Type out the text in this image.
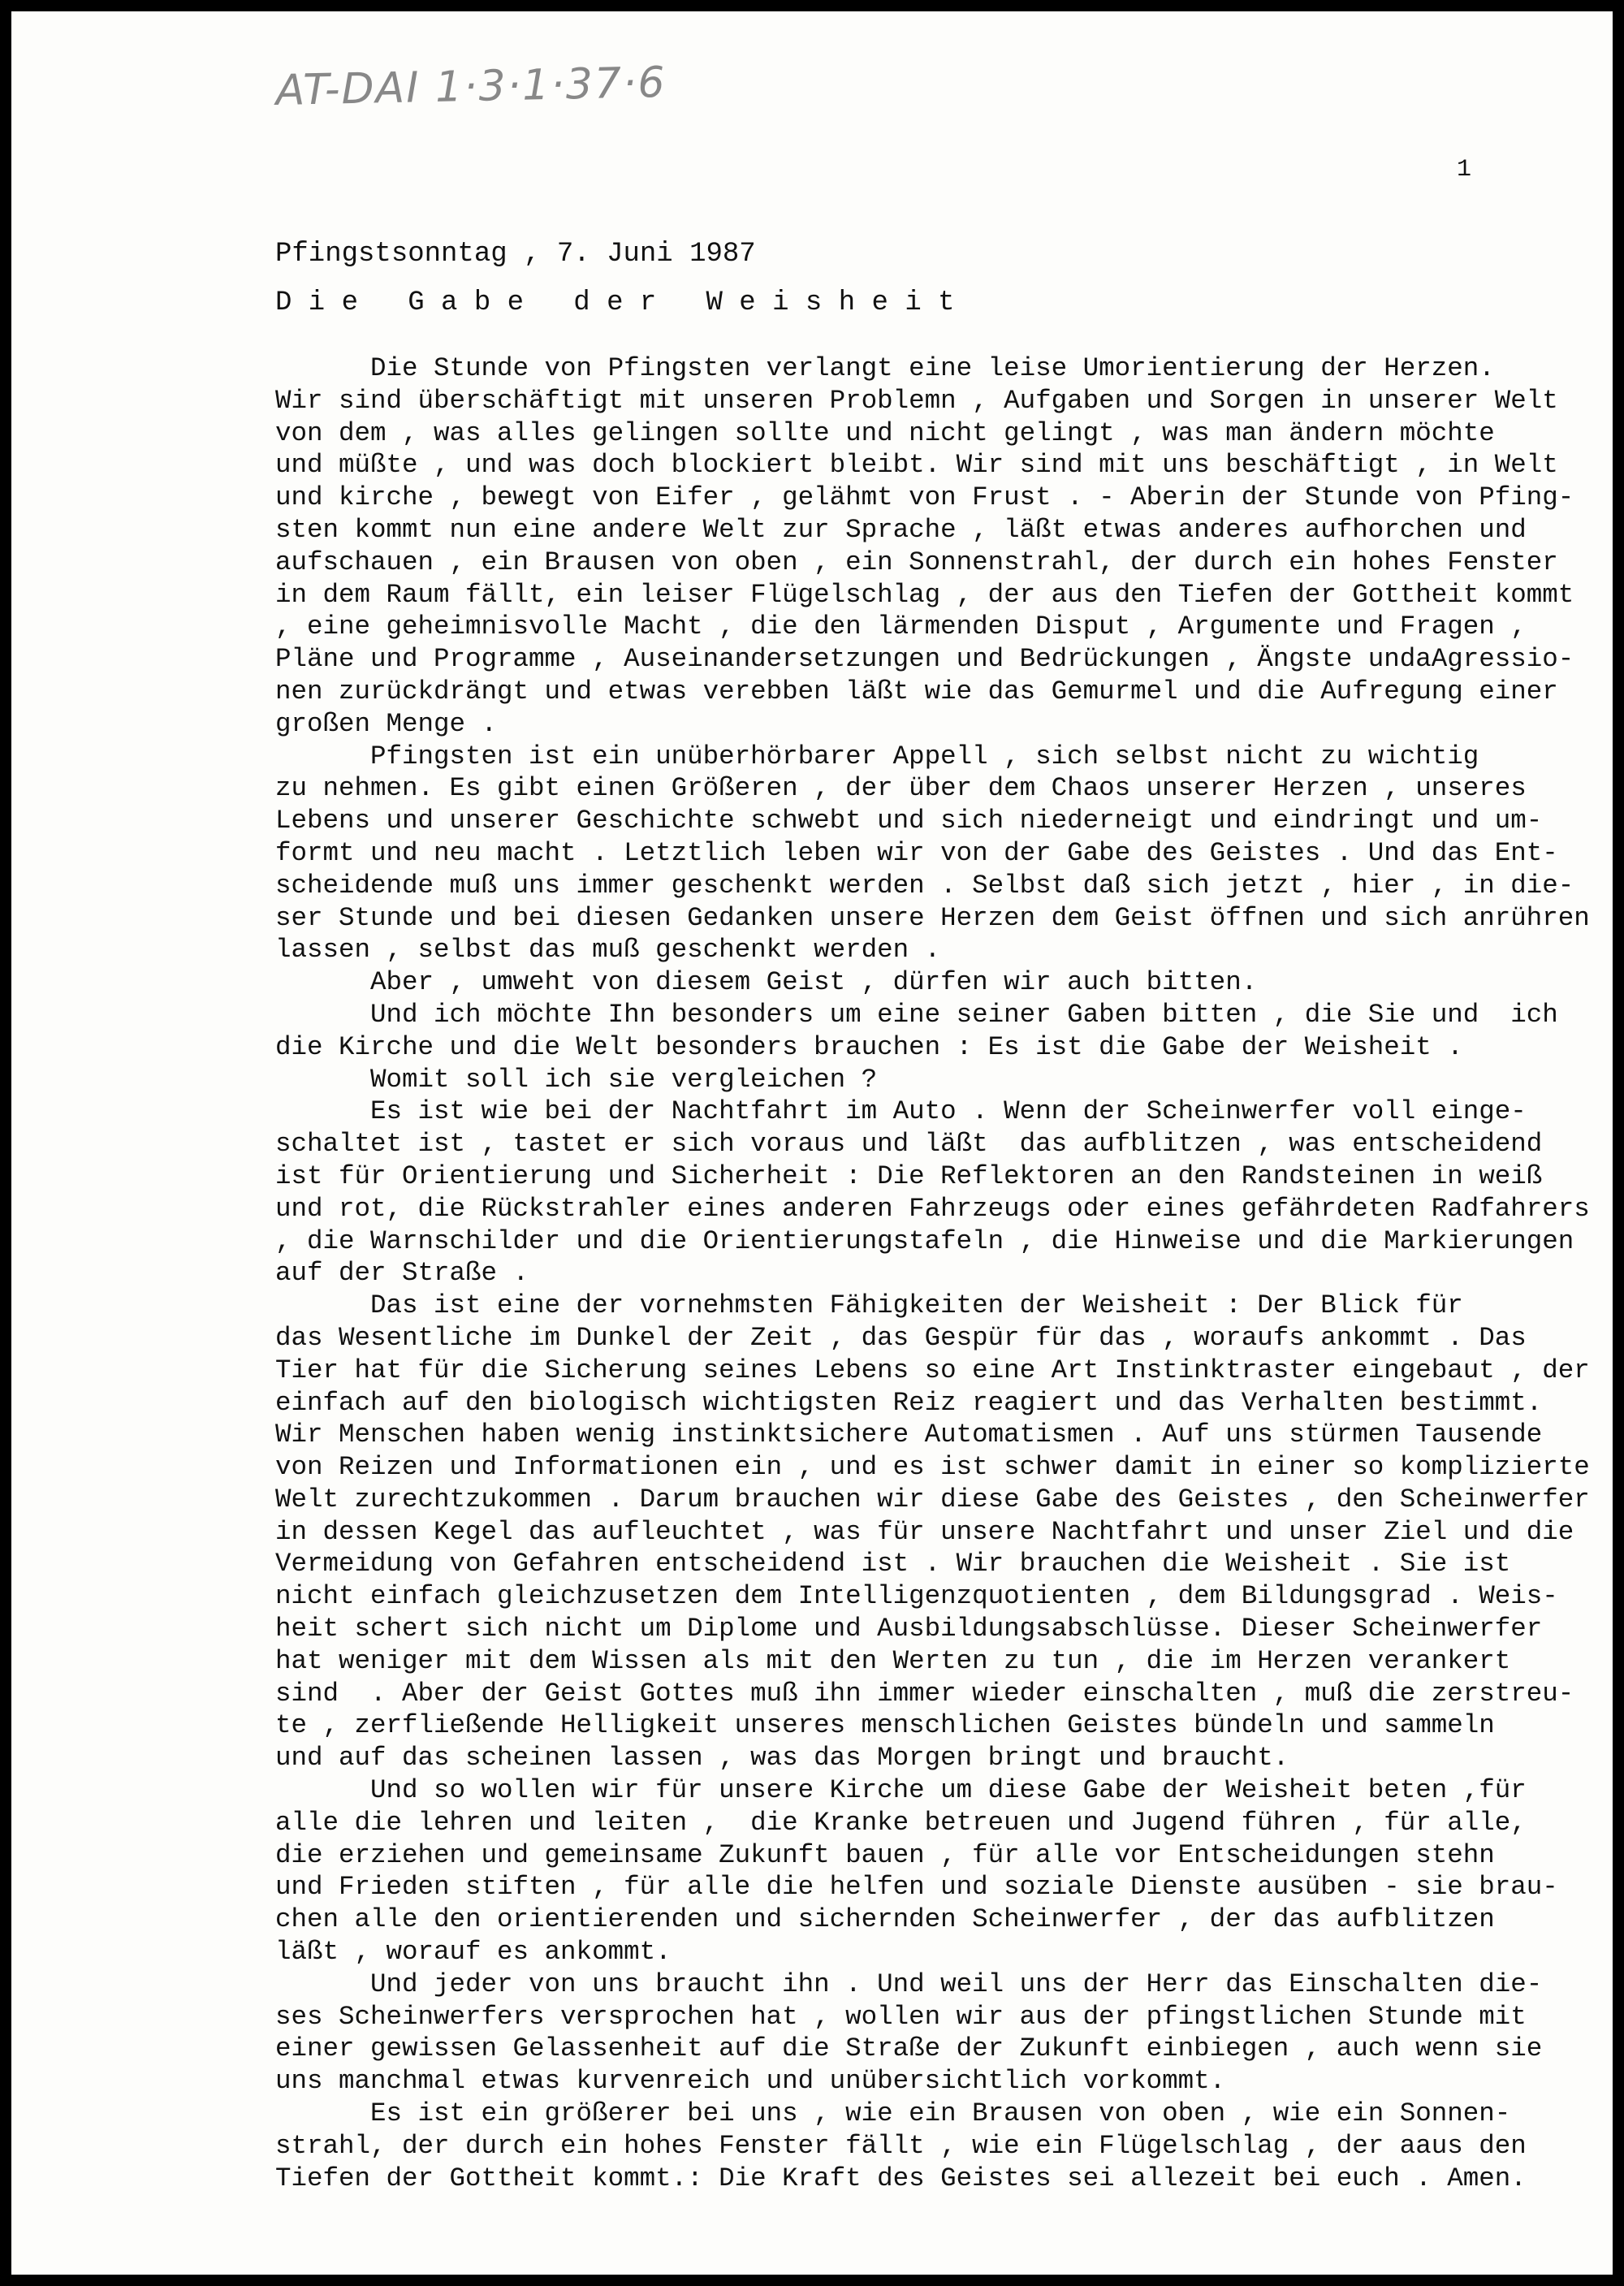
AT-DAI 1·3·1·37·6
1
Pfingstsonntag , 7. Juni 1987
D i e   G a b e   d e r   W e i s h e i t
Die Stunde von Pfingsten verlangt eine leise Umorientierung der Herzen.
Wir sind überschäftigt mit unseren Problemn , Aufgaben und Sorgen in unserer Welt
von dem , was alles gelingen sollte und nicht gelingt , was man ändern möchte
und müßte , und was doch blockiert bleibt. Wir sind mit uns beschäftigt , in Welt
und kirche , bewegt von Eifer , gelähmt von Frust . - Aberin der Stunde von Pfing-
sten kommt nun eine andere Welt zur Sprache , läßt etwas anderes aufhorchen und
aufschauen , ein Brausen von oben , ein Sonnenstrahl, der durch ein hohes Fenster
in dem Raum fällt, ein leiser Flügelschlag , der aus den Tiefen der Gottheit kommt
, eine geheimnisvolle Macht , die den lärmenden Disput , Argumente und Fragen ,
Pläne und Programme , Auseinandersetzungen und Bedrückungen , Ängste undaAgressio-
nen zurückdrängt und etwas verebben läßt wie das Gemurmel und die Aufregung einer
großen Menge .
Pfingsten ist ein unüberhörbarer Appell , sich selbst nicht zu wichtig
zu nehmen. Es gibt einen Größeren , der über dem Chaos unserer Herzen , unseres
Lebens und unserer Geschichte schwebt und sich niederneigt und eindringt und um-
formt und neu macht . Letztlich leben wir von der Gabe des Geistes . Und das Ent-
scheidende muß uns immer geschenkt werden . Selbst daß sich jetzt , hier , in die-
ser Stunde und bei diesen Gedanken unsere Herzen dem Geist öffnen und sich anrühren
lassen , selbst das muß geschenkt werden .
Aber , umweht von diesem Geist , dürfen wir auch bitten.
Und ich möchte Ihn besonders um eine seiner Gaben bitten , die Sie und  ich
die Kirche und die Welt besonders brauchen : Es ist die Gabe der Weisheit .
Womit soll ich sie vergleichen ?
Es ist wie bei der Nachtfahrt im Auto . Wenn der Scheinwerfer voll einge-
schaltet ist , tastet er sich voraus und läßt  das aufblitzen , was entscheidend
ist für Orientierung und Sicherheit : Die Reflektoren an den Randsteinen in weiß
und rot, die Rückstrahler eines anderen Fahrzeugs oder eines gefährdeten Radfahrers
, die Warnschilder und die Orientierungstafeln , die Hinweise und die Markierungen
auf der Straße .
Das ist eine der vornehmsten Fähigkeiten der Weisheit : Der Blick für
das Wesentliche im Dunkel der Zeit , das Gespür für das , woraufs ankommt . Das
Tier hat für die Sicherung seines Lebens so eine Art Instinktraster eingebaut , der
einfach auf den biologisch wichtigsten Reiz reagiert und das Verhalten bestimmt.
Wir Menschen haben wenig instinktsichere Automatismen . Auf uns stürmen Tausende
von Reizen und Informationen ein , und es ist schwer damit in einer so komplizierte
Welt zurechtzukommen . Darum brauchen wir diese Gabe des Geistes , den Scheinwerfer
in dessen Kegel das aufleuchtet , was für unsere Nachtfahrt und unser Ziel und die
Vermeidung von Gefahren entscheidend ist . Wir brauchen die Weisheit . Sie ist
nicht einfach gleichzusetzen dem Intelligenzquotienten , dem Bildungsgrad . Weis-
heit schert sich nicht um Diplome und Ausbildungsabschlüsse. Dieser Scheinwerfer
hat weniger mit dem Wissen als mit den Werten zu tun , die im Herzen verankert
sind  . Aber der Geist Gottes muß ihn immer wieder einschalten , muß die zerstreu-
te , zerfließende Helligkeit unseres menschlichen Geistes bündeln und sammeln
und auf das scheinen lassen , was das Morgen bringt und braucht.
Und so wollen wir für unsere Kirche um diese Gabe der Weisheit beten ,für
alle die lehren und leiten ,  die Kranke betreuen und Jugend führen , für alle,
die erziehen und gemeinsame Zukunft bauen , für alle vor Entscheidungen stehn
und Frieden stiften , für alle die helfen und soziale Dienste ausüben - sie brau-
chen alle den orientierenden und sichernden Scheinwerfer , der das aufblitzen
läßt , worauf es ankommt.
Und jeder von uns braucht ihn . Und weil uns der Herr das Einschalten die-
ses Scheinwerfers versprochen hat , wollen wir aus der pfingstlichen Stunde mit
einer gewissen Gelassenheit auf die Straße der Zukunft einbiegen , auch wenn sie
uns manchmal etwas kurvenreich und unübersichtlich vorkommt.
Es ist ein größerer bei uns , wie ein Brausen von oben , wie ein Sonnen-
strahl, der durch ein hohes Fenster fällt , wie ein Flügelschlag , der aaus den
Tiefen der Gottheit kommt.: Die Kraft des Geistes sei allezeit bei euch . Amen.
